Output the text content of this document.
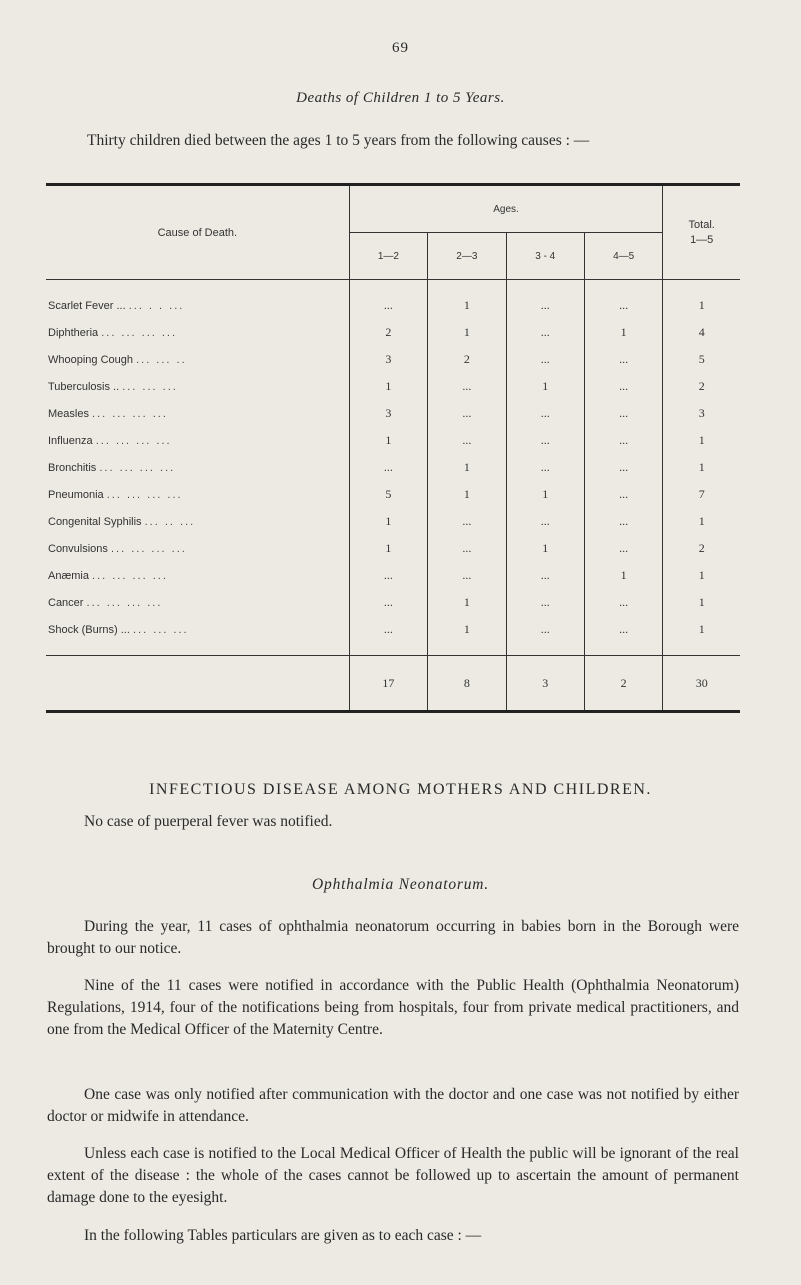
69
Deaths of Children 1 to 5 Years.
Thirty children died between the ages 1 to 5 years from the following causes : —

Cause of Death.	Ages.				Total.
1—5
	1—2	2—3	3 - 4	4—5	

Scarlet Fever ... ... . . ...	...	1	...	...	1
Diphtheria ... ... ... ...	2	1	...	1	4
Whooping Cough ... ... ..	3	2	...	...	5
Tuberculosis .. ... ... ...	1	...	1	...	2
Measles ... ... ... ...	3	...	...	...	3
Influenza ... ... ... ...	1	...	...	...	1
Bronchitis ... ... ... ...	...	1	...	...	1
Pneumonia ... ... ... ...	5	1	1	...	7
Congenital Syphilis ... .. ...	1	...	...	...	1
Convulsions ... ... ... ...	1	...	1	...	2
Anæmia ... ... ... ...	...	...	...	1	1
Cancer ... ... ... ...	...	1	...	...	1
Shock (Burns) ... ... ... ...	...	1	...	...	1
	17	8	3	2	30

INFECTIOUS DISEASE AMONG MOTHERS AND CHILDREN.
No case of puerperal fever was notified.
Ophthalmia Neonatorum.
During the year, 11 cases of ophthalmia neonatorum occurring in babies born in the Borough were brought to our notice.
Nine of the 11 cases were notified in accordance with the Public Health (Ophthalmia Neonatorum) Regulations, 1914, four of the notifications being from hospitals, four from private medical practitioners, and one from the Medical Officer of the Maternity Centre.
One case was only notified after communication with the doctor and one case was not notified by either doctor or midwife in attendance.
Unless each case is notified to the Local Medical Officer of Health the public will be ignorant of the real extent of the disease : the whole of the cases cannot be followed up to ascertain the amount of permanent damage done to the eyesight.
In the following Tables particulars are given as to each case : —
